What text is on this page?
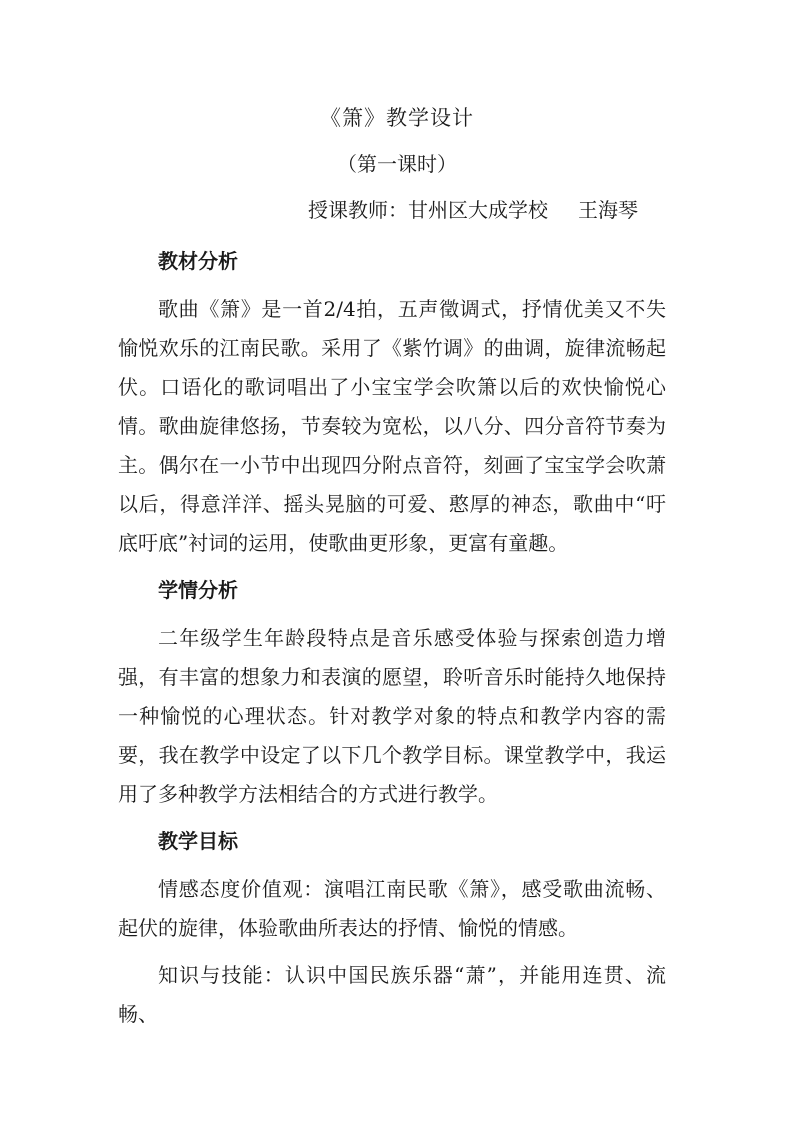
《箫》教学设计
（第一课时）
授课教师：甘州区大成学校 王海琴
教材分析

歌曲《箫》是一首2/4拍，五声徵调式，抒情优美又不失愉悦欢乐的江南民歌。采用了《紫竹调》的曲调，旋律流畅起伏。口语化的歌词唱出了小宝宝学会吹箫以后的欢快愉悦心情。歌曲旋律悠扬，节奏较为宽松，以八分、四分音符节奏为主。偶尔在一小节中出现四分附点音符，刻画了宝宝学会吹萧以后，得意洋洋、摇头晃脑的可爱、憨厚的神态，歌曲中“吁底吁底”衬词的运用，使歌曲更形象，更富有童趣。

学情分析

二年级学生年龄段特点是音乐感受体验与探索创造力增强，有丰富的想象力和表演的愿望，聆听音乐时能持久地保持一种愉悦的心理状态。针对教学对象的特点和教学内容的需要，我在教学中设定了以下几个教学目标。课堂教学中，我运用了多种教学方法相结合的方式进行教学。

教学目标

情感态度价值观：演唱江南民歌《箫》，感受歌曲流畅、起伏的旋律，体验歌曲所表达的抒情、愉悦的情感。

知识与技能：认识中国民族乐器“萧”，并能用连贯、流畅、
